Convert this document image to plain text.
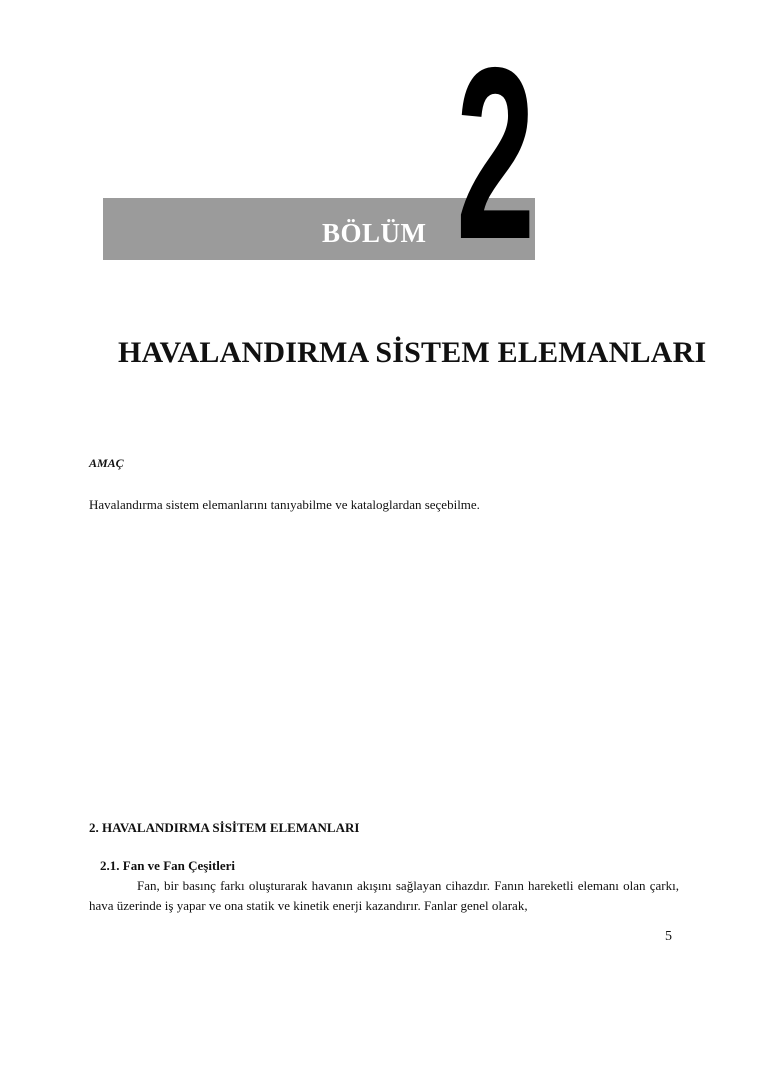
BÖLÜM 2
HAVALANDIRMA SİSTEM ELEMANLARI
AMAÇ
Havalandırma sistem elemanlarını tanıyabilme ve kataloglardan seçebilme.
2. HAVALANDIRMA SİSİTEM ELEMANLARI
2.1. Fan ve Fan Çeşitleri

Fan, bir basınç farkı oluşturarak havanın akışını sağlayan cihazdır. Fanın hareketli elemanı olan çarkı, hava üzerinde iş yapar ve ona statik ve kinetik enerji kazandırır. Fanlar genel olarak,

5
